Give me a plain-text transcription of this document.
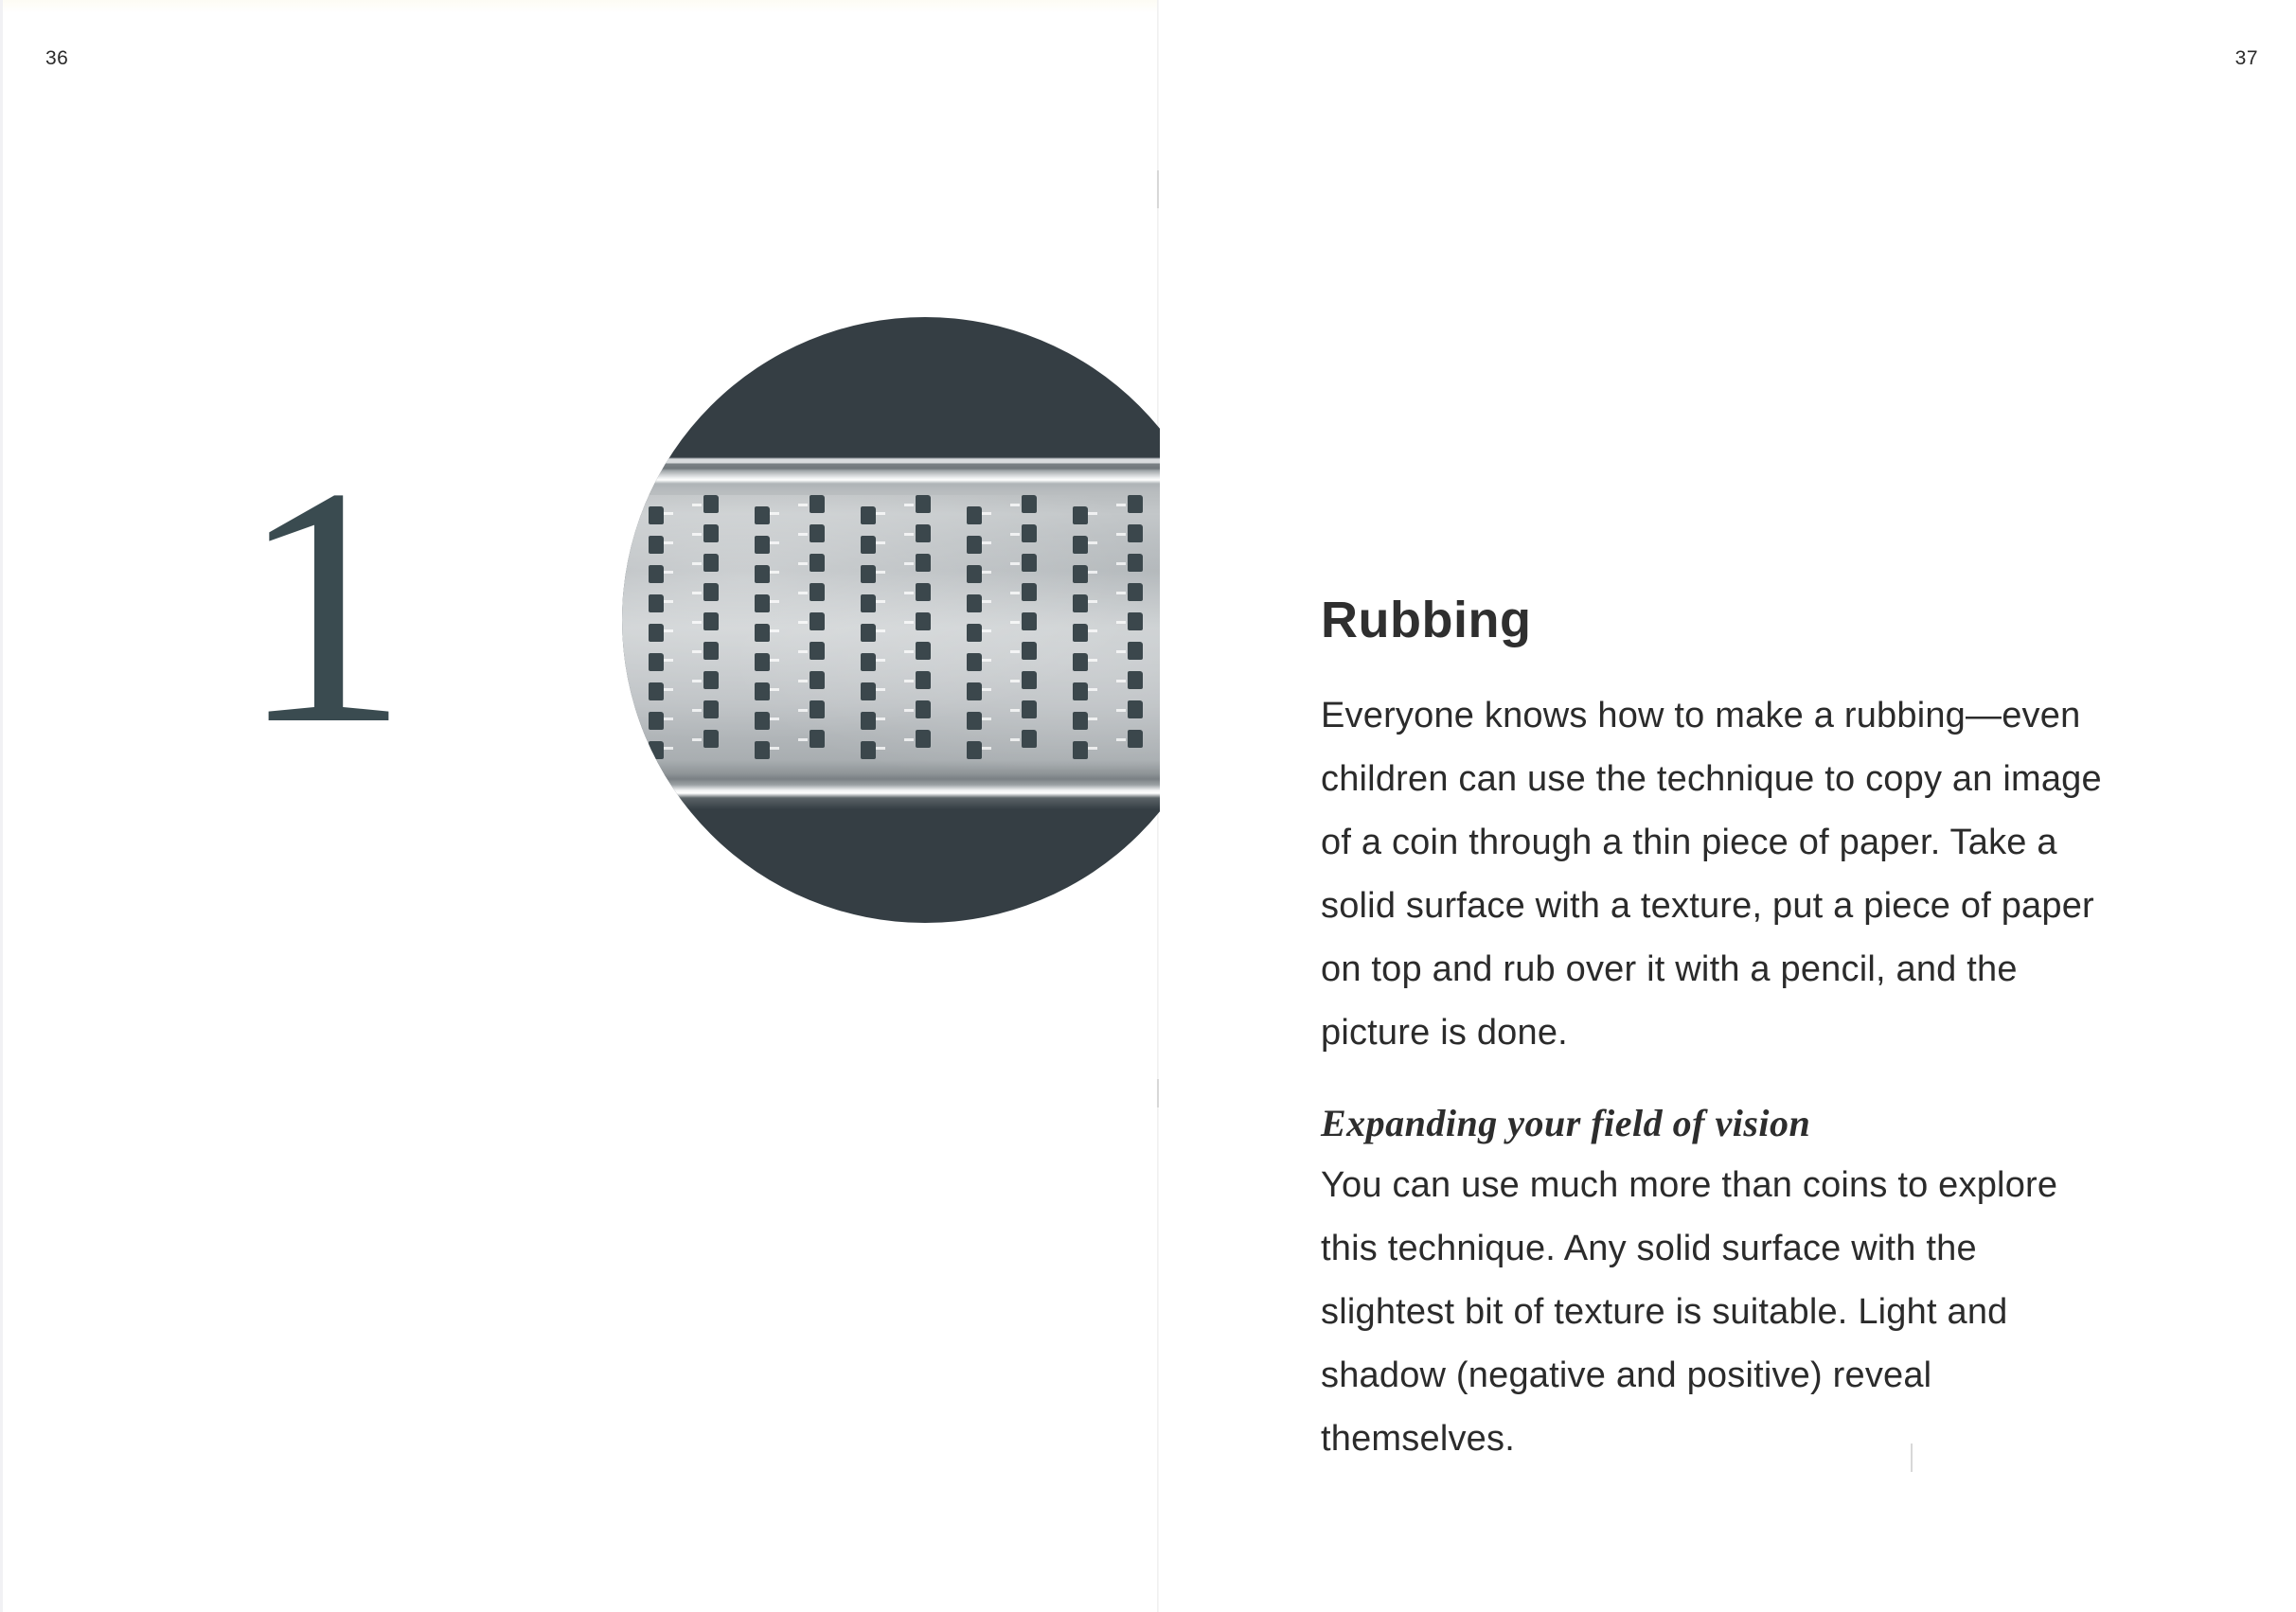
36	37
1	Rubbing

Everyone knows how to make a rubbing—even
children can use the technique to copy an image
of a coin through a thin piece of paper. Take a
solid surface with a texture, put a piece of paper
on top and rub over it with a pencil, and the
picture is done.

Expanding your field of vision

You can use much more than coins to explore
this technique. Any solid surface with the
slightest bit of texture is suitable. Light and
shadow (negative and positive) reveal
themselves.
